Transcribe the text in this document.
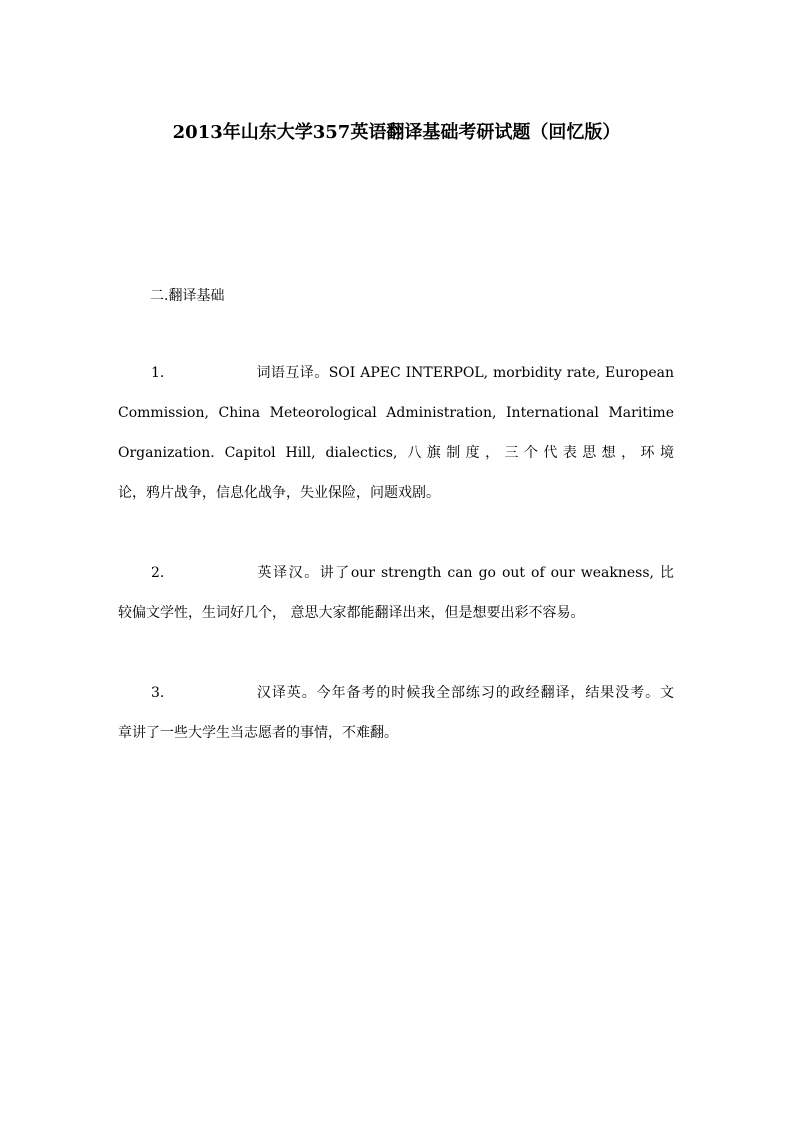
2013年山东大学357英语翻译基础考研试题（回忆版）
二.翻译基础
1.	词语互译。SOI APEC INTERPOL, morbidity rate, European
Commission, China Meteorological Administration, International Maritime
Organization. Capitol Hill, dialectics, 八旗制度，三个代表思想，环境
论，鸦片战争，信息化战争，失业保险，问题戏剧。
2.	英译汉。讲了our strength can go out of our weakness, 比
较偏文学性，生词好几个， 意思大家都能翻译出来，但是想要出彩不容易。
3.	汉译英。今年备考的时候我全部练习的政经翻译，结果没考。文
章讲了一些大学生当志愿者的事情，不难翻。
